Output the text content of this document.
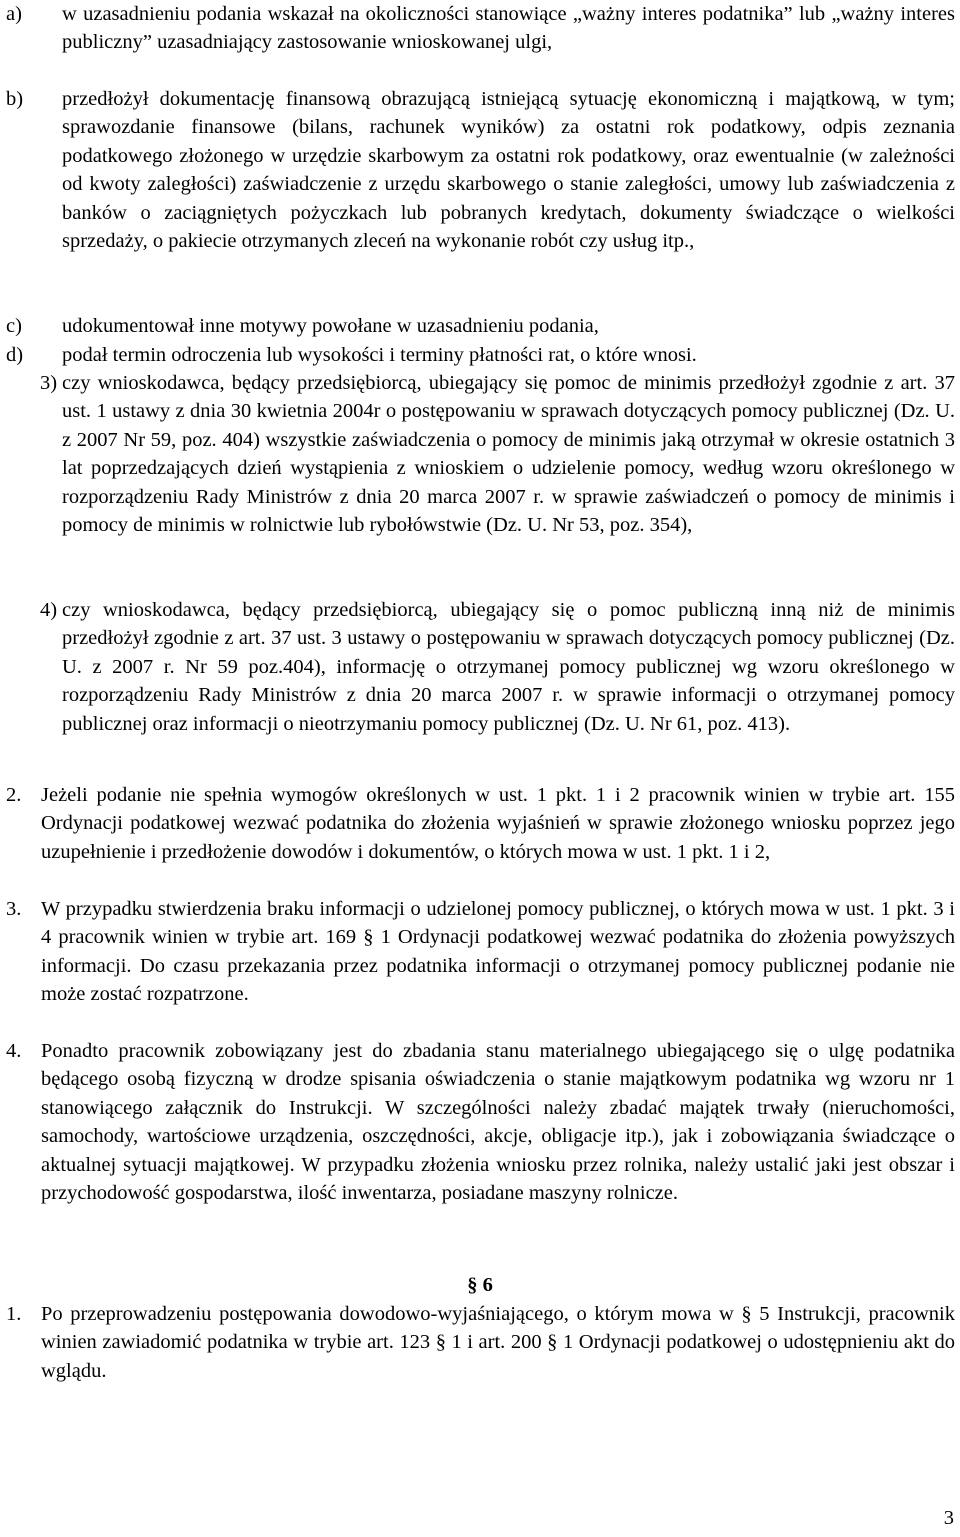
a) w uzasadnieniu podania wskazał na okoliczności stanowiące „ważny interes podatnika” lub „ważny interes publiczny” uzasadniający zastosowanie wnioskowanej ulgi,

b) przedłożył dokumentację finansową obrazującą istniejącą sytuację ekonomiczną i majątkową, w tym; sprawozdanie finansowe (bilans, rachunek wyników) za ostatni rok podatkowy, odpis zeznania podatkowego złożonego w urzędzie skarbowym za ostatni rok podatkowy, oraz ewentualnie (w zależności od kwoty zaległości) zaświadczenie z urzędu skarbowego o stanie zaległości, umowy lub zaświadczenia z banków o zaciągniętych pożyczkach lub pobranych kredytach, dokumenty świadczące o wielkości sprzedaży, o pakiecie otrzymanych zleceń na wykonanie robót czy usług itp.,

c) udokumentował inne motywy powołane w uzasadnieniu podania,

d) podał termin odroczenia lub wysokości i terminy płatności rat, o które wnosi.

3) czy wnioskodawca, będący przedsiębiorcą, ubiegający się pomoc de minimis przedłożył zgodnie z art. 37 ust. 1 ustawy z dnia 30 kwietnia 2004r o postępowaniu w sprawach dotyczących pomocy publicznej (Dz. U. z 2007 Nr 59, poz. 404) wszystkie zaświadczenia o pomocy de minimis jaką otrzymał w okresie ostatnich 3 lat poprzedzających dzień wystąpienia z wnioskiem o udzielenie pomocy, według wzoru określonego w rozporządzeniu Rady Ministrów z dnia 20 marca 2007 r. w sprawie zaświadczeń o pomocy de minimis i pomocy de minimis w rolnictwie lub rybołówstwie (Dz. U. Nr 53, poz. 354),

4) czy wnioskodawca, będący przedsiębiorcą, ubiegający się o pomoc publiczną inną niż de minimis przedłożył zgodnie z art. 37 ust. 3 ustawy o postępowaniu w sprawach dotyczących pomocy publicznej (Dz. U. z 2007 r. Nr 59 poz.404), informację o otrzymanej pomocy publicznej wg wzoru określonego w rozporządzeniu Rady Ministrów z dnia 20 marca 2007 r. w sprawie informacji o otrzymanej pomocy publicznej oraz informacji o nieotrzymaniu pomocy publicznej (Dz. U. Nr 61, poz. 413).

2. Jeżeli podanie nie spełnia wymogów określonych w ust. 1 pkt. 1 i 2 pracownik winien w trybie art. 155 Ordynacji podatkowej wezwać podatnika do złożenia wyjaśnień w sprawie złożonego wniosku poprzez jego uzupełnienie i przedłożenie dowodów i dokumentów, o których mowa w ust. 1 pkt. 1 i 2,

3. W przypadku stwierdzenia braku informacji o udzielonej pomocy publicznej, o których mowa w ust. 1 pkt. 3 i 4 pracownik winien w trybie art. 169 § 1 Ordynacji podatkowej wezwać podatnika do złożenia powyższych informacji. Do czasu przekazania przez podatnika informacji o otrzymanej pomocy publicznej podanie nie może zostać rozpatrzone.

4. Ponadto pracownik zobowiązany jest do zbadania stanu materialnego ubiegającego się o ulgę podatnika będącego osobą fizyczną w drodze spisania oświadczenia o stanie majątkowym podatnika wg wzoru nr 1 stanowiącego załącznik do Instrukcji. W szczególności należy zbadać majątek trwały (nieruchomości, samochody, wartościowe urządzenia, oszczędności, akcje, obligacje itp.), jak i zobowiązania świadczące o aktualnej sytuacji majątkowej. W przypadku złożenia wniosku przez rolnika, należy ustalić jaki jest obszar i przychodowość gospodarstwa, ilość inwentarza, posiadane maszyny rolnicze.

§ 6
1. Po przeprowadzeniu postępowania dowodowo-wyjaśniającego, o którym mowa w § 5 Instrukcji, pracownik winien zawiadomić podatnika w trybie art. 123 § 1 i art. 200 § 1 Ordynacji podatkowej o udostępnieniu akt do wglądu.

3
